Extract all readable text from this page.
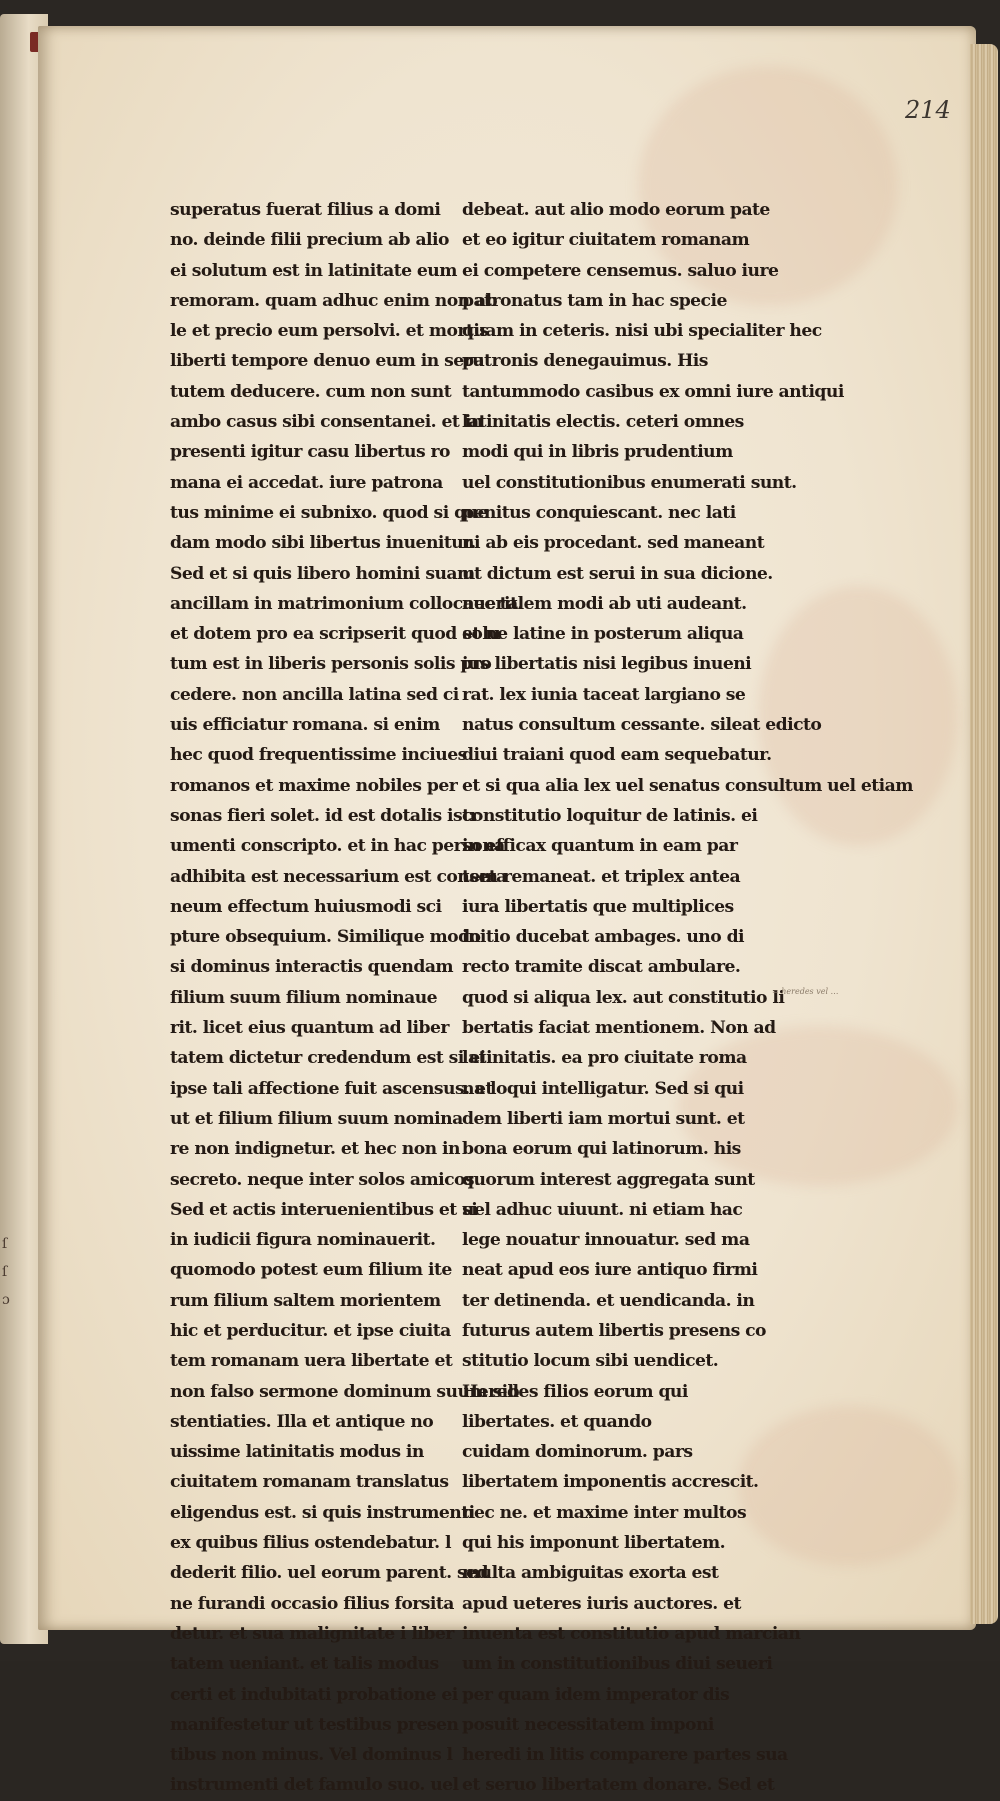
214
superatus fuerat filius a domi
no. deinde filii precium ab alio
ei solutum est in latinitate eum
remoram. quam adhuc enim non ab
le et precio eum persolvi. et mortis
liberti tempore denuo eum in seru
tutem deducere. cum non sunt
ambo casus sibi consentanei. et in
presenti igitur casu libertus ro
mana ei accedat. iure patrona
tus minime ei subnixo. quod si que
dam modo sibi libertus inuenitur.
Sed et si quis libero homini suam
ancillam in matrimonium collocauerit.
et dotem pro ea scripserit quod solu
tum est in liberis personis solis pro
cedere. non ancilla latina sed ci
uis efficiatur romana. si enim
hec quod frequentissime inciues
romanos et maxime nobiles per
sonas fieri solet. id est dotalis istr
umenti conscripto. et in hac persona
adhibita est necessarium est conseta
neum effectum huiusmodi sci
pture obsequium. Similique modo
si dominus interactis quendam
filium suum filium nominaue
rit. licet eius quantum ad liber
tatem dictetur credendum est si ei
ipse tali affectione fuit ascensus. et
ut et filium filium suum nomina
re non indignetur. et hec non in
secreto. neque inter solos amicos.
Sed et actis interuenientibus et si
in iudicii figura nominauerit.
quomodo potest eum filium ite
rum filium saltem morientem
hic et perducitur. et ipse ciuita
tem romanam uera libertate et
non falso sermone dominum suum sib
stentiaties. Illa et antique no
uissime latinitatis modus in
ciuitatem romanam translatus
eligendus est. si quis instrumenti
ex quibus filius ostendebatur. l
dederit filio. uel eorum parent. sed
ne furandi occasio filius forsita
detur. et sua malignitate i liber
tatem ueniant. et talis modus
certi et indubitati probatione ei
manifestetur ut testibus presen
tibus non minus. Vel dominus l
instrumenti det famulo suo. uel
debeat. aut alio modo eorum pate
et eo igitur ciuitatem romanam
ei competere censemus. saluo iure
patronatus tam in hac specie
quam in ceteris. nisi ubi specialiter hec
patronis denegauimus. His
tantummodo casibus ex omni iure antiqui
latinitatis electis. ceteri omnes
modi qui in libris prudentium
uel constitutionibus enumerati sunt.
penitus conquiescant. nec lati
ni ab eis procedant. sed maneant
ut dictum est serui in sua dicione.
nec talem modi ab uti audeant.
et ne latine in posterum aliqua
ius libertatis nisi legibus inueni
rat. lex iunia taceat largiano se
natus consultum cessante. sileat edicto
diui traiani quod eam sequebatur.
et si qua alia lex uel senatus consultum uel etiam
constitutio loquitur de latinis. ei
in efficax quantum in eam par
tem remaneat. et triplex antea
iura libertatis que multiplices
initio ducebat ambages. uno di
recto tramite discat ambulare.
quod si aliqua lex. aut constitutio li
bertatis faciat mentionem. Non ad
latinitatis. ea pro ciuitate roma
na loqui intelligatur. Sed si qui
dem liberti iam mortui sunt. et
bona eorum qui latinorum. his
quorum interest aggregata sunt
uel adhuc uiuunt. ni etiam hac
lege nouatur innouatur. sed ma
neat apud eos iure antiquo firmi
ter detinenda. et uendicanda. in
futurus autem libertis presens co
stitutio locum sibi uendicet.
Heredes filios eorum qui
libertates. et quando
cuidam dominorum. pars
libertatem imponentis accrescit.
nec ne. et maxime inter multos
qui his imponunt libertatem.
multa ambiguitas exorta est
apud ueteres iuris auctores. et
inuenta est constitutio apud marcian
um in constitutionibus diui seueri
per quam idem imperator dis
posuit necessitatem imponi
heredi in litis comparere partes sua
et seruo libertatem donare. Sed et
= heredes vel …
ſ
ſ
ɔ
